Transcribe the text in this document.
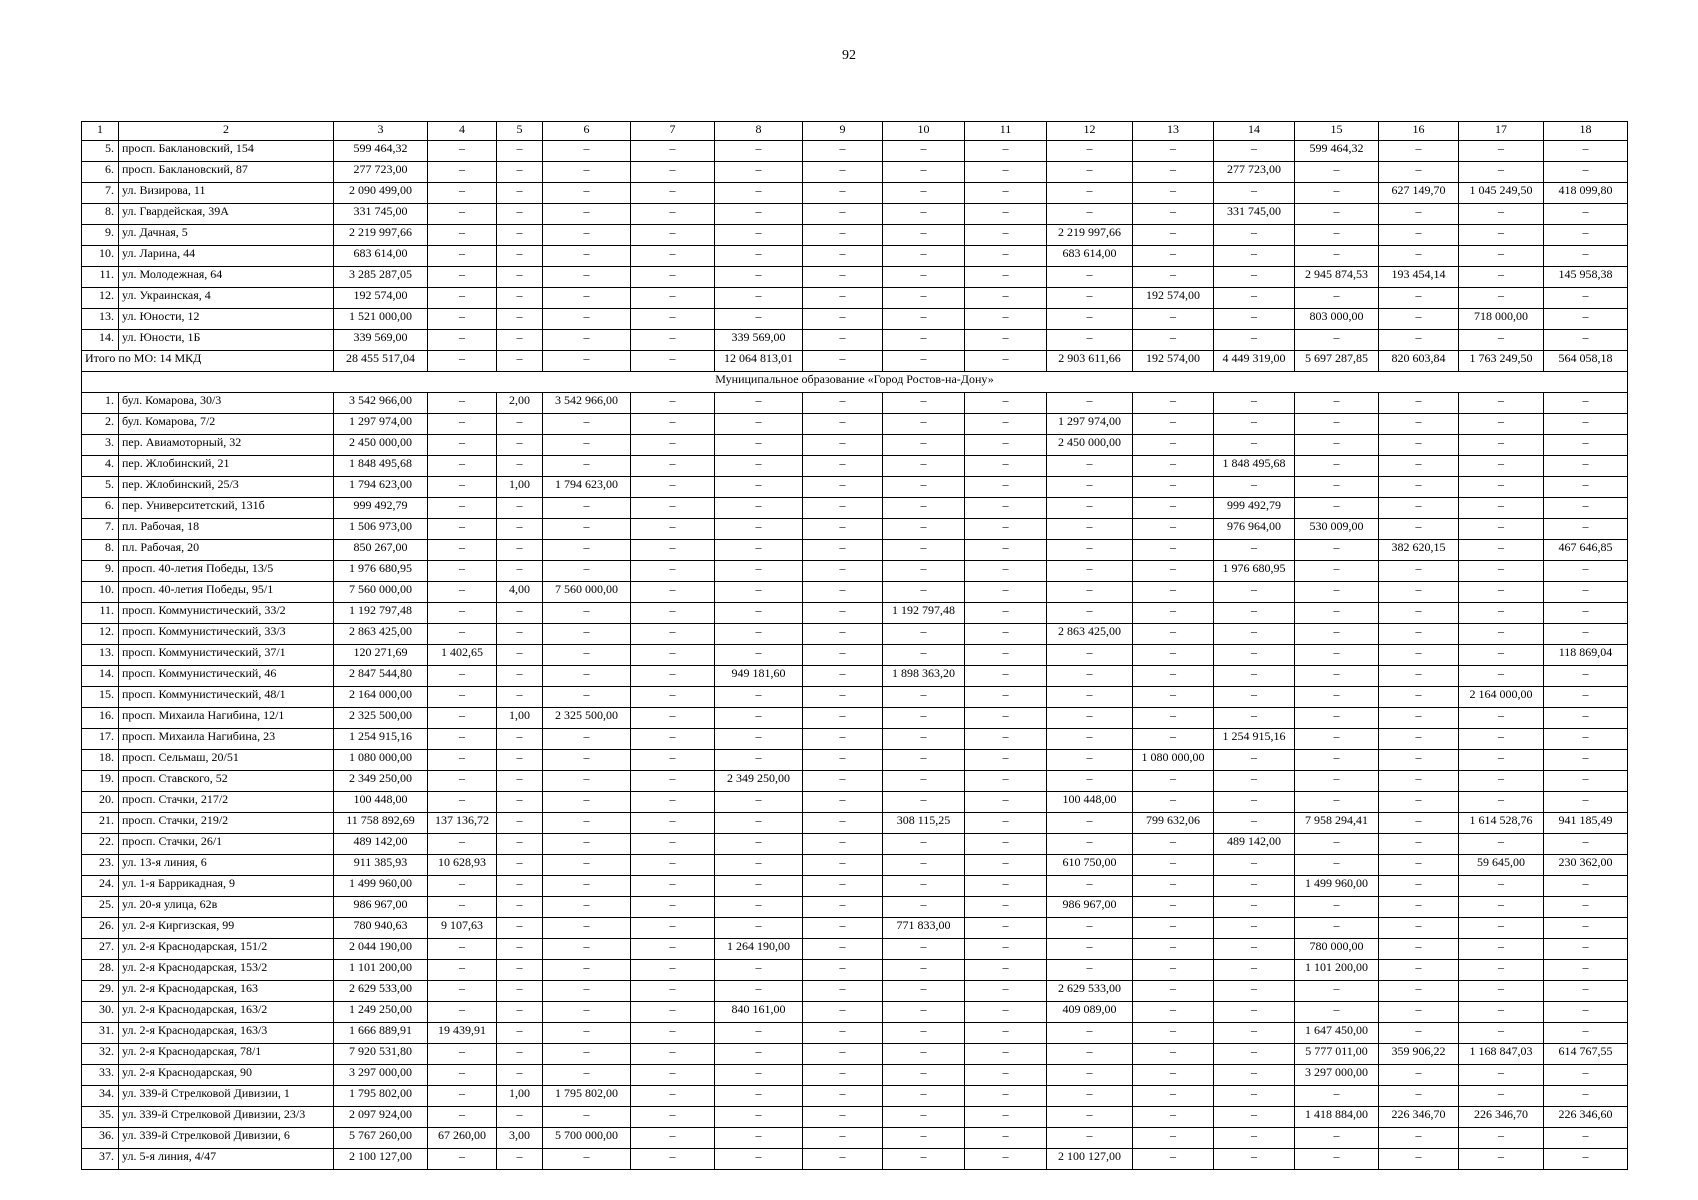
92
1	2	3	4	5	6	7	8	9	10	11	12	13	14	15	16	17	18
5.	просп. Баклановский, 154	599 464,32	–	–	–	–	–	–	–	–	–	–	–	599 464,32	–	–	–
6.	просп. Баклановский, 87	277 723,00	–	–	–	–	–	–	–	–	–	–	277 723,00	–	–	–	–
7.	ул. Визирова, 11	2 090 499,00	–	–	–	–	–	–	–	–	–	–	–	–	627 149,70	1 045 249,50	418 099,80
8.	ул. Гвардейская, 39А	331 745,00	–	–	–	–	–	–	–	–	–	–	331 745,00	–	–	–	–
9.	ул. Дачная, 5	2 219 997,66	–	–	–	–	–	–	–	–	2 219 997,66	–	–	–	–	–	–
10.	ул. Ларина, 44	683 614,00	–	–	–	–	–	–	–	–	683 614,00	–	–	–	–	–	–
11.	ул. Молодежная, 64	3 285 287,05	–	–	–	–	–	–	–	–	–	–	–	2 945 874,53	193 454,14	–	145 958,38
12.	ул. Украинская, 4	192 574,00	–	–	–	–	–	–	–	–	–	192 574,00	–	–	–	–	–
13.	ул. Юности, 12	1 521 000,00	–	–	–	–	–	–	–	–	–	–	–	803 000,00	–	718 000,00	–
14.	ул. Юности, 1Б	339 569,00	–	–	–	–	339 569,00	–	–	–	–	–	–	–	–	–	–
Итого по МО: 14 МКД		28 455 517,04	–	–	–	–	12 064 813,01	–	–	–	2 903 611,66	192 574,00	4 449 319,00	5 697 287,85	820 603,84	1 763 249,50	564 058,18
Муниципальное образование «Город Ростов-на-Дону»																	
1.	бул. Комарова, 30/3	3 542 966,00	–	2,00	3 542 966,00	–	–	–	–	–	–	–	–	–	–	–	–
2.	бул. Комарова, 7/2	1 297 974,00	–	–	–	–	–	–	–	–	1 297 974,00	–	–	–	–	–	–
3.	пер. Авиамоторный, 32	2 450 000,00	–	–	–	–	–	–	–	–	2 450 000,00	–	–	–	–	–	–
4.	пер. Жлобинский, 21	1 848 495,68	–	–	–	–	–	–	–	–	–	–	1 848 495,68	–	–	–	–
5.	пер. Жлобинский, 25/3	1 794 623,00	–	1,00	1 794 623,00	–	–	–	–	–	–	–	–	–	–	–	–
6.	пер. Университетский, 131б	999 492,79	–	–	–	–	–	–	–	–	–	–	999 492,79	–	–	–	–
7.	пл. Рабочая, 18	1 506 973,00	–	–	–	–	–	–	–	–	–	–	976 964,00	530 009,00	–	–	–
8.	пл. Рабочая, 20	850 267,00	–	–	–	–	–	–	–	–	–	–	–	–	382 620,15	–	467 646,85
9.	просп. 40-летия Победы, 13/5	1 976 680,95	–	–	–	–	–	–	–	–	–	–	1 976 680,95	–	–	–	–
10.	просп. 40-летия Победы, 95/1	7 560 000,00	–	4,00	7 560 000,00	–	–	–	–	–	–	–	–	–	–	–	–
11.	просп. Коммунистический, 33/2	1 192 797,48	–	–	–	–	–	–	1 192 797,48	–	–	–	–	–	–	–	–
12.	просп. Коммунистический, 33/3	2 863 425,00	–	–	–	–	–	–	–	–	2 863 425,00	–	–	–	–	–	–
13.	просп. Коммунистический, 37/1	120 271,69	1 402,65	–	–	–	–	–	–	–	–	–	–	–	–	–	118 869,04
14.	просп. Коммунистический, 46	2 847 544,80	–	–	–	–	949 181,60	–	1 898 363,20	–	–	–	–	–	–	–	–
15.	просп. Коммунистический, 48/1	2 164 000,00	–	–	–	–	–	–	–	–	–	–	–	–	–	2 164 000,00	–
16.	просп. Михаила Нагибина, 12/1	2 325 500,00	–	1,00	2 325 500,00	–	–	–	–	–	–	–	–	–	–	–	–
17.	просп. Михаила Нагибина, 23	1 254 915,16	–	–	–	–	–	–	–	–	–	–	1 254 915,16	–	–	–	–
18.	просп. Сельмаш, 20/51	1 080 000,00	–	–	–	–	–	–	–	–	–	1 080 000,00	–	–	–	–	–
19.	просп. Ставского, 52	2 349 250,00	–	–	–	–	2 349 250,00	–	–	–	–	–	–	–	–	–	–
20.	просп. Стачки, 217/2	100 448,00	–	–	–	–	–	–	–	–	100 448,00	–	–	–	–	–	–
21.	просп. Стачки, 219/2	11 758 892,69	137 136,72	–	–	–	–	–	308 115,25	–	–	799 632,06	–	7 958 294,41	–	1 614 528,76	941 185,49
22.	просп. Стачки, 26/1	489 142,00	–	–	–	–	–	–	–	–	–	–	489 142,00	–	–	–	–
23.	ул. 13-я линия, 6	911 385,93	10 628,93	–	–	–	–	–	–	–	610 750,00	–	–	–	–	59 645,00	230 362,00
24.	ул. 1-я Баррикадная, 9	1 499 960,00	–	–	–	–	–	–	–	–	–	–	–	1 499 960,00	–	–	–
25.	ул. 20-я улица, 62в	986 967,00	–	–	–	–	–	–	–	–	986 967,00	–	–	–	–	–	–
26.	ул. 2-я Киргизская, 99	780 940,63	9 107,63	–	–	–	–	–	771 833,00	–	–	–	–	–	–	–	–
27.	ул. 2-я Краснодарская, 151/2	2 044 190,00	–	–	–	–	1 264 190,00	–	–	–	–	–	–	780 000,00	–	–	–
28.	ул. 2-я Краснодарская, 153/2	1 101 200,00	–	–	–	–	–	–	–	–	–	–	–	1 101 200,00	–	–	–
29.	ул. 2-я Краснодарская, 163	2 629 533,00	–	–	–	–	–	–	–	–	2 629 533,00	–	–	–	–	–	–
30.	ул. 2-я Краснодарская, 163/2	1 249 250,00	–	–	–	–	840 161,00	–	–	–	409 089,00	–	–	–	–	–	–
31.	ул. 2-я Краснодарская, 163/3	1 666 889,91	19 439,91	–	–	–	–	–	–	–	–	–	–	1 647 450,00	–	–	–
32.	ул. 2-я Краснодарская, 78/1	7 920 531,80	–	–	–	–	–	–	–	–	–	–	–	5 777 011,00	359 906,22	1 168 847,03	614 767,55
33.	ул. 2-я Краснодарская, 90	3 297 000,00	–	–	–	–	–	–	–	–	–	–	–	3 297 000,00	–	–	–
34.	ул. 339-й Стрелковой Дивизии, 1	1 795 802,00	–	1,00	1 795 802,00	–	–	–	–	–	–	–	–	–	–	–	–
35.	ул. 339-й Стрелковой Дивизии, 23/3	2 097 924,00	–	–	–	–	–	–	–	–	–	–	–	1 418 884,00	226 346,70	226 346,70	226 346,60
36.	ул. 339-й Стрелковой Дивизии, 6	5 767 260,00	67 260,00	3,00	5 700 000,00	–	–	–	–	–	–	–	–	–	–	–	–
37.	ул. 5-я линия, 4/47	2 100 127,00	–	–	–	–	–	–	–	–	2 100 127,00	–	–	–	–	–	–
